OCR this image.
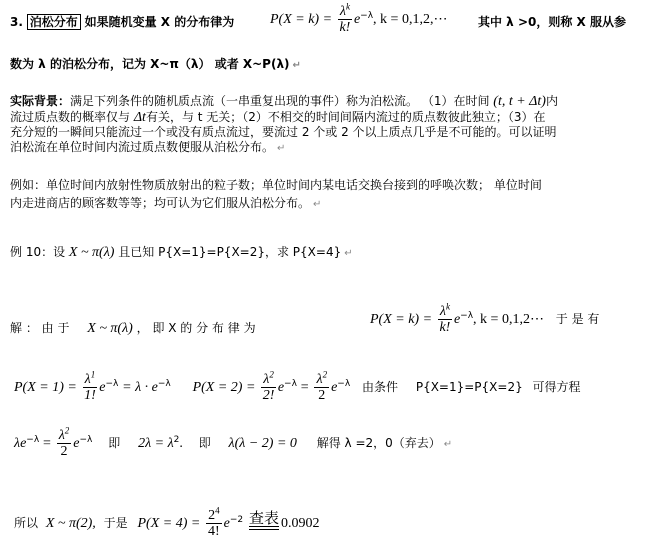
3. 泊松分布 如果随机变量 X 的分布律为	$P(X = k) = \frac{\lambda^k}{k!} e^{-\lambda}$, k = 0,1,2,⋯	其中 λ >0，则称 X 服从参
数为 λ 的泊松分布，记为 X~π（λ） 或者 X~P(λ) ↵
实际背景：满足下列条件的随机质点流（一串重复出现的事件）称为泊松流。 （1）在时间 (t, t + Δt)内
流过质点数的概率仅与 Δt有关，与 t 无关；（2）不相交的时间间隔内流过的质点数彼此独立；（3）在
充分短的一瞬间只能流过一个或没有质点流过，要流过 2 个或 2 个以上质点几乎是不可能的。可以证明
泊松流在单位时间内流过质点数便服从泊松分布。 ↵
例如：单位时间内放射性物质放射出的粒子数；单位时间内某电话交换台接到的呼唤次数； 单位时间
内走进商店的顾客数等等；均可认为它们服从泊松分布。 ↵
例 10：设 X ~ π(λ) 且已知 P{X=1}=P{X=2}，求 P{X=4} ↵
解 ： 由 于 X ~ π(λ) ， 即 X 的 分 布 律 为
$P(X = k) = \frac{\lambda^k}{k!} e^{-\lambda}$, k = 0,1,2⋯ 于 是 有
$P(X = 1) = \frac{\lambda^1}{1!} e^{-\lambda} = \lambda \cdot e^{-\lambda}$ $P(X = 2) = \frac{\lambda^2}{2!} e^{-\lambda} = \frac{\lambda^2}{2} e^{-\lambda}$ 由条件 P{X=1}=P{X=2} 可得方程
$\lambda e^{-\lambda} = \frac{\lambda^2}{2} e^{-\lambda}$ 即 $2\lambda = \lambda^2$. 即 λ(λ − 2) = 0 解得 λ =2，0（弃去） ↵
所以 X ~ π(2), 于是 $P(X = 4) = \frac{2^4}{4!} e^{-2}$ 查表 0.0902
